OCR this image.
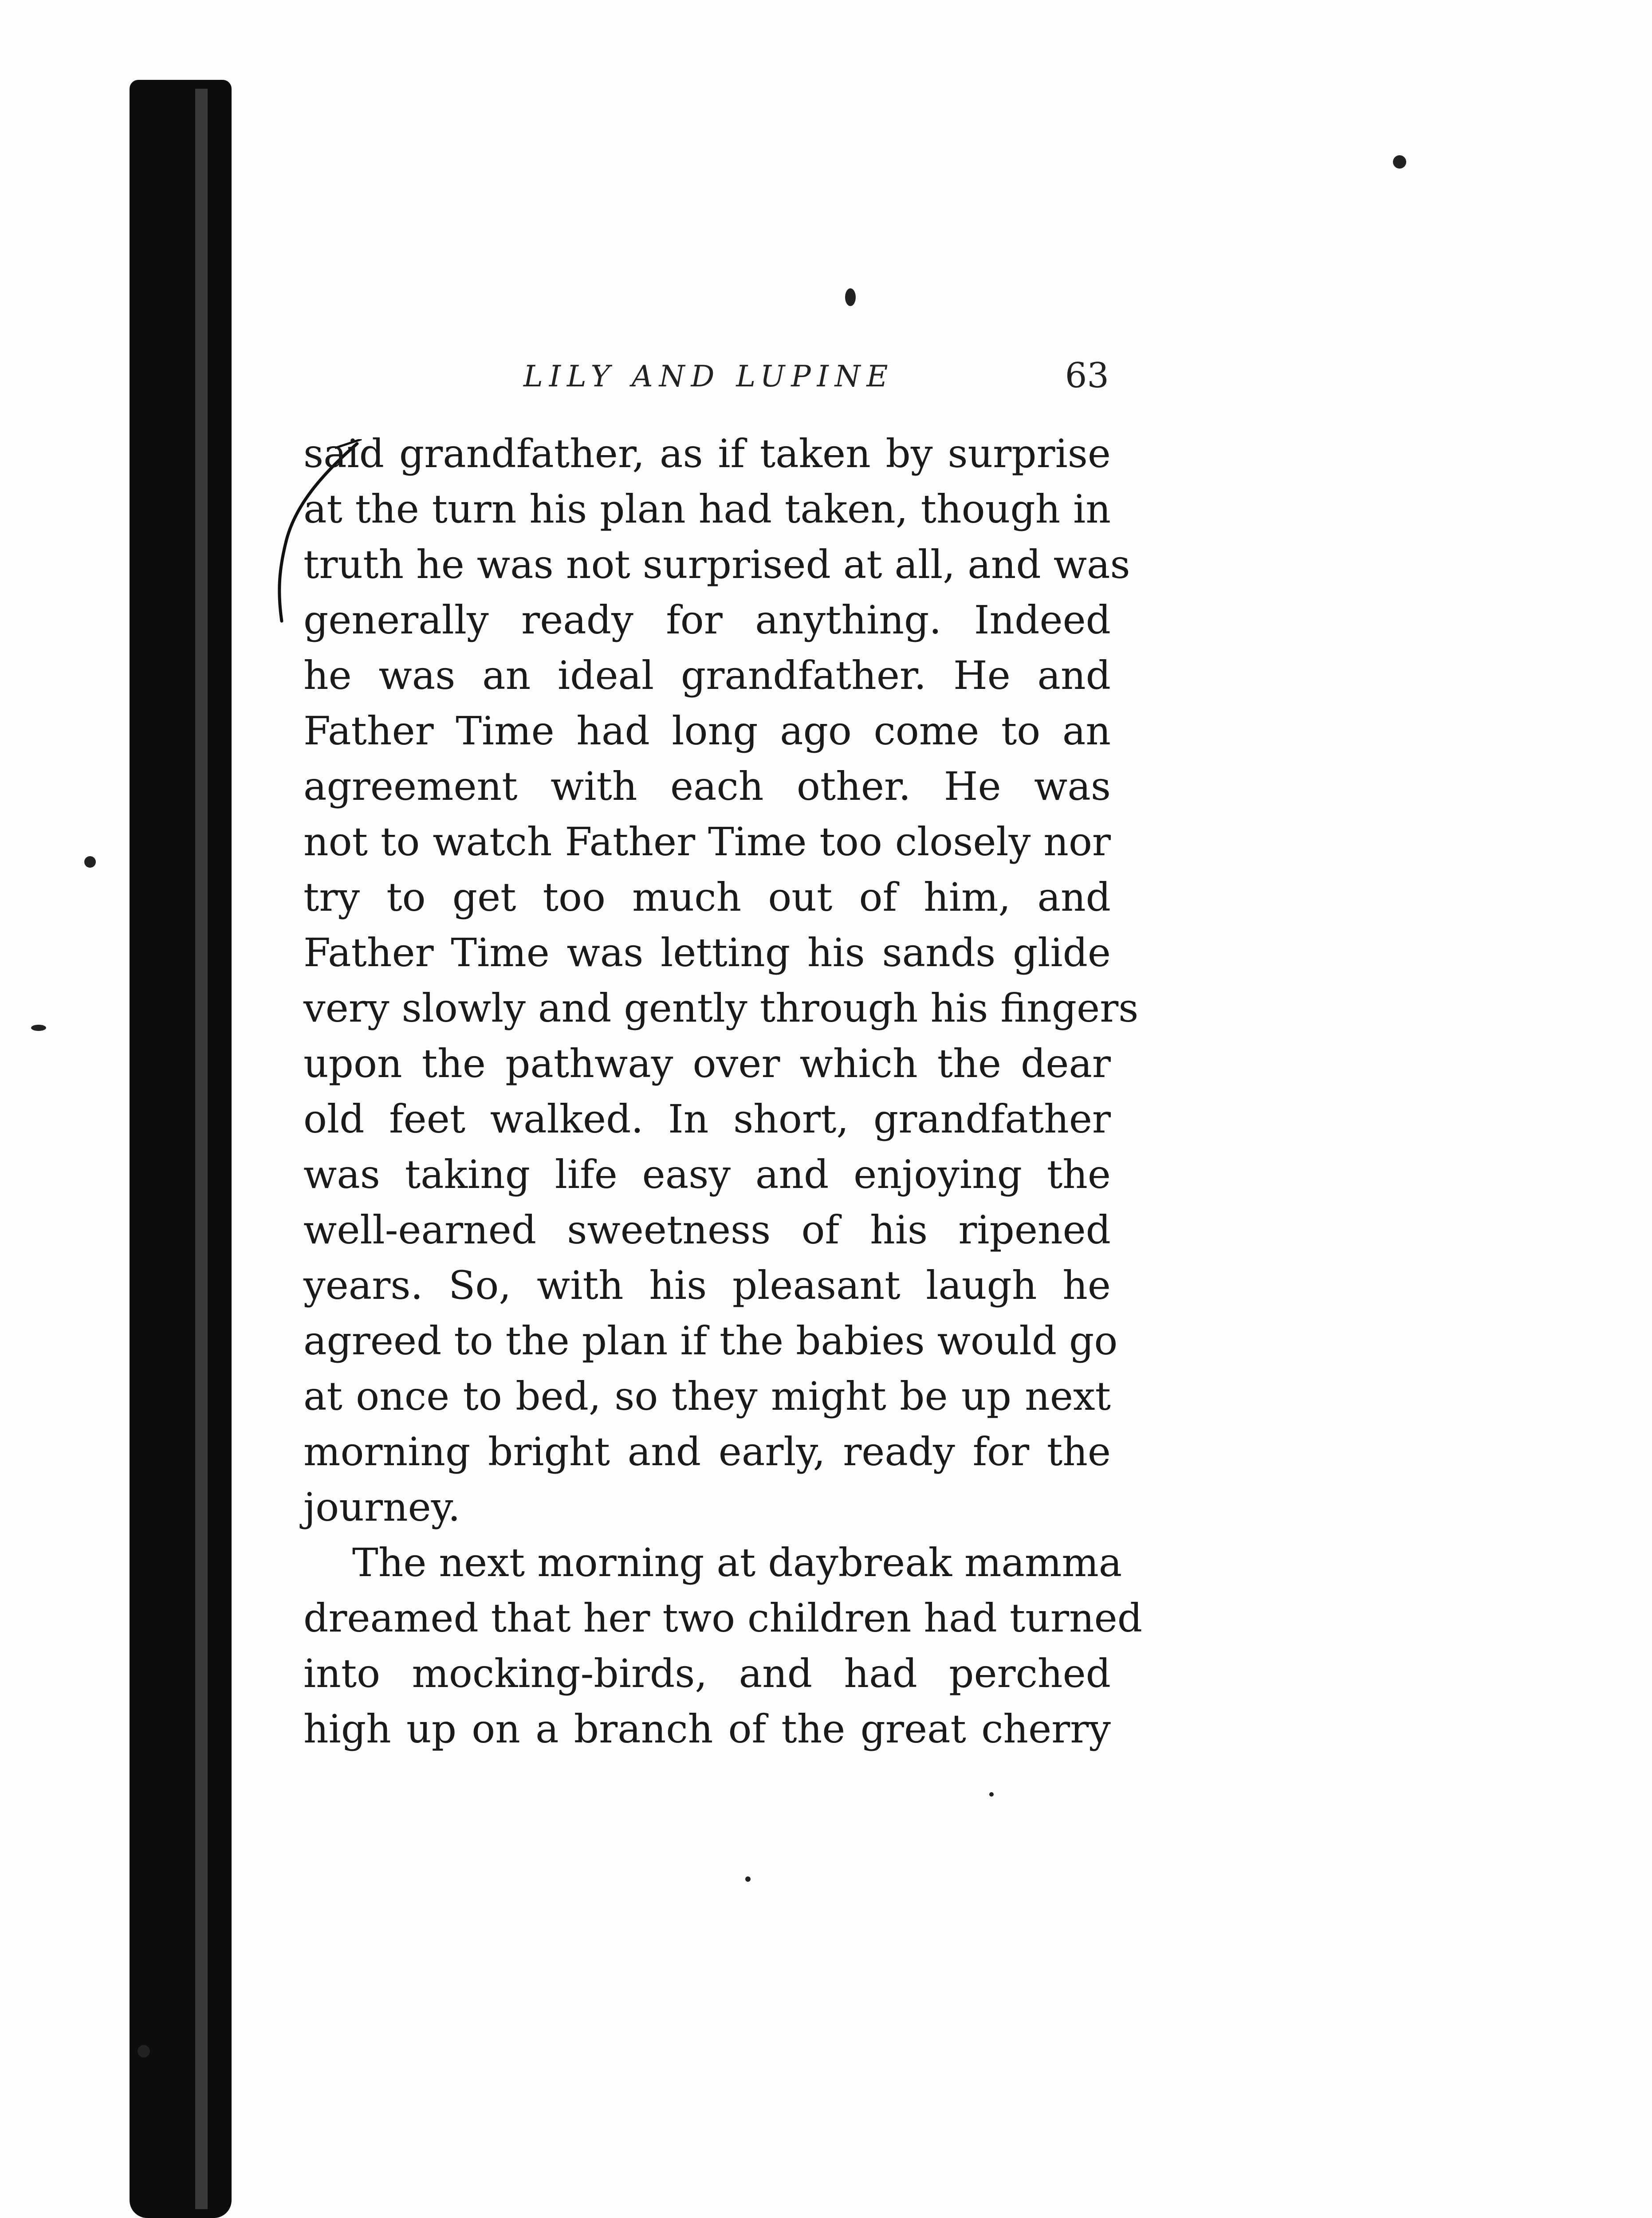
LILY AND LUPINE	63
said grandfather, as if taken by surprise
at the turn his plan had taken, though in
truth he was not surprised at all, and was
generally ready for anything. Indeed
he was an ideal grandfather. He and
Father Time had long ago come to an
agreement with each other. He was
not to watch Father Time too closely nor
try to get too much out of him, and
Father Time was letting his sands glide
very slowly and gently through his fingers
upon the pathway over which the dear
old feet walked. In short, grandfather
was taking life easy and enjoying the
well-earned sweetness of his ripened
years. So, with his pleasant laugh he
agreed to the plan if the babies would go
at once to bed, so they might be up next
morning bright and early, ready for the
journey.
The next morning at daybreak mamma
dreamed that her two children had turned
into mocking-birds, and had perched
high up on a branch of the great cherry
